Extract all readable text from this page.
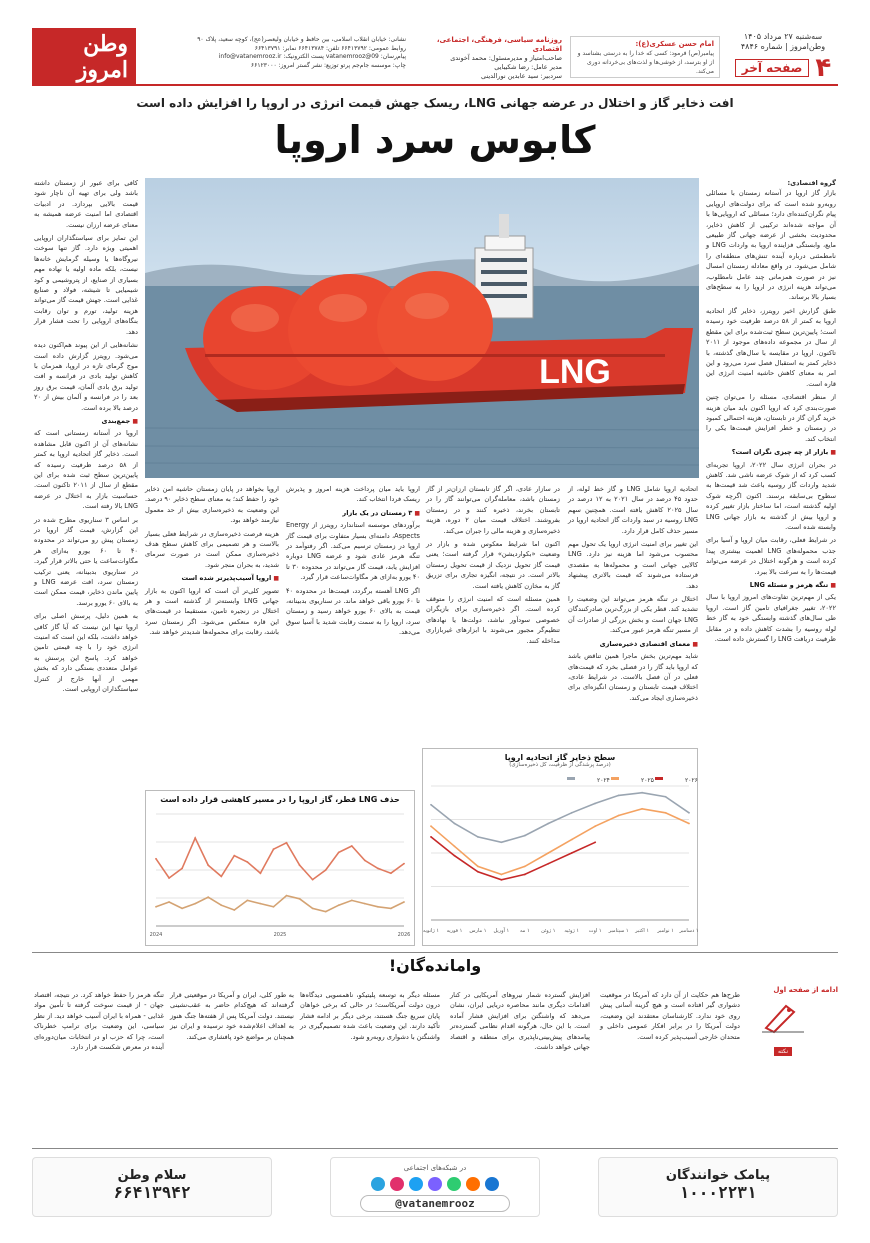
سه‌شنبه ۲۷ مرداد ۱۴۰۵
وطن‌امروز | شماره ۴۸۴۶
۴
صفحه آخر
امام حسن عسکری(ع):
پیامبر(ص) فرمود: کسی که خدا را به درستی بشناسد و از او بترسد، از خوشی‌ها و لذت‌های بی‌خردانه دوری می‌کند.
روزنامه سیاسی، فرهنگی، اجتماعی، اقتصادی
صاحب‌امتیاز و مدیرمسئول: محمد آخوندی
مدیر عامل: رضا شکیبایی
سردبیر: سید عابدین نورالدینی
نشانی: خیابان انقلاب اسلامی، بین حافظ و خیابان ولیعصر(عج)، کوچه سعید، پلاک ۹۰
روابط عمومی: ۶۶۴۱۳۷۹۲ تلفن: ۶۶۴۱۳۷۸۴ نمابر: ۶۶۴۱۳۷۹۱
پیام‌رسان: 09@vatanemrooz پست الکترونیک: info@vatanemrooz.ir
چاپ: موسسه جام‌جم پرتو توزیع: نشر گستر امروز: ۶۶۱۲۳۰۰۰
وطن امروز
افت ذخایر گاز و اختلال در عرضه جهانی LNG، ریسک جهش قیمت انرژی در اروپا را افزایش داده است
کابوس سرد اروپا
LNG
گروه اقتصادی:

بازار گاز اروپا در آستانه زمستان با مسائلی روبه‌رو شده است که برای دولت‌های اروپایی پیام نگران‌کننده‌ای دارد؛ مسائلی که اروپایی‌ها با آن مواجه شده‌اند ترکیبی از کاهش ذخایر، محدودیت بخشی از عرضه جهانی گاز طبیعی مایع، وابستگی فزاینده اروپا به واردات LNG و نامطمئنی درباره آینده تنش‌های منطقه‌ای را شامل می‌شود. در واقع معادله زمستان امسال نیز در صورت همزمانی چند عامل نامطلوب، می‌تواند هزینه انرژی در اروپا را به سطح‌های بسیار بالا برساند.

طبق گزارش اخیر رویترز، ذخایر گاز اتحادیه اروپا به کمتر از ۵۸ درصد ظرفیت خود رسیده است؛ پایین‌ترین سطح ثبت‌شده برای این مقطع از سال در مجموعه داده‌های موجود از ۲۰۱۱ تاکنون. اروپا در مقایسه با سال‌های گذشته، با ذخایر کمتر به استقبال فصل سرد می‌رود و این امر به معنای کاهش حاشیه امنیت انرژی این قاره است.

از منظر اقتصادی، مسئله را می‌توان چنین صورت‌بندی کرد که اروپا اکنون باید میان هزینه خرید گران گاز در تابستان، هزینه احتمالی کمبود در زمستان و خطر افزایش قیمت‌ها یکی را انتخاب کند.

■ بازار از چه چیزی نگران است؟

در بحران انرژی سال ۲۰۲۲، اروپا تجربه‌ای کسب کرد که از شوک عرضه ناشی شد. کاهش شدید واردات گاز روسیه باعث شد قیمت‌ها به سطوح بی‌سابقه برسند. اکنون اگرچه شوک اولیه گذشته است، اما ساختار بازار تغییر کرده و اروپا بیش از گذشته به بازار جهانی LNG وابسته شده است.

در شرایط فعلی، رقابت میان اروپا و آسیا برای جذب محموله‌های LNG اهمیت بیشتری پیدا کرده است و هرگونه اختلال در عرضه می‌تواند قیمت‌ها را به سرعت بالا ببرد.

■ تنگه هرمز و مسئله LNG

یکی از مهم‌ترین تفاوت‌های امروز اروپا با سال ۲۰۲۲، تغییر جغرافیای تامین گاز است. اروپا طی سال‌های گذشته وابستگی خود به گاز خط لوله روسیه را بشدت کاهش داده و در مقابل ظرفیت دریافت LNG را گسترش داده است.

کافی برای عبور از زمستان داشته باشد ولی برای تهیه آن ناچار شود قیمت بالایی بپردازد. در ادبیات اقتصادی اما امنیت عرضه همیشه به معنای عرضه ارزان نیست.

این تمایز برای سیاستگذاران اروپایی اهمیتی ویژه دارد. گاز تنها سوخت نیروگاه‌ها یا وسیله گرمایش خانه‌ها نیست، بلکه ماده اولیه یا نهاده مهم بسیاری از صنایع، از پتروشیمی و کود شیمیایی تا شیشه، فولاد و صنایع غذایی است. جهش قیمت گاز می‌تواند هزینه تولید، تورم و توان رقابت بنگاه‌های اروپایی را تحت فشار قرار دهد.

نشانه‌هایی از این پیوند هم‌اکنون دیده می‌شود. رویترز گزارش داده است موج گرمای تازه در اروپا، همزمان با کاهش تولید بادی در فرانسه و افت تولید برق بادی آلمان، قیمت برق روز بعد را در فرانسه و آلمان بیش از ۲۰ درصد بالا برده است.

■ جمع‌بندی

اروپا در آستانه زمستانی است که نشانه‌های آن از اکنون قابل مشاهده است. ذخایر گاز اتحادیه اروپا به کمتر از ۵۸ درصد ظرفیت رسیده که پایین‌ترین سطح ثبت شده برای این مقطع از سال از ۲۰۱۱ تاکنون است. حساسیت بازار به اختلال در عرضه LNG بالا رفته است.

بر اساس ۳ سناریوی مطرح شده در این گزارش، قیمت گاز اروپا در زمستان پیش رو می‌تواند در محدوده ۴۰ تا ۶۰ یورو به‌ازای هر مگاوات‌ساعت یا حتی بالاتر قرار گیرد. در سناریوی بدبینانه، یعنی ترکیب زمستان سرد، افت عرضه LNG و پایین ماندن ذخایر، قیمت ممکن است به بالای ۶۰ یورو برسد.

به همین دلیل، پرسش اصلی برای اروپا تنها این نیست که آیا گاز کافی خواهد داشت، بلکه این است که امنیت انرژی خود را با چه قیمتی تامین خواهد کرد. پاسخ این پرسش به عوامل متعددی بستگی دارد که بخش مهمی از آنها خارج از کنترل سیاستگذاران اروپایی است.

اتحادیه اروپا شامل LNG و گاز خط لوله، از حدود ۴۵ درصد در سال ۲۰۲۱ به ۱۲ درصد در سال ۲۰۲۵ کاهش یافته است. همچنین سهم LNG روسیه در سبد واردات گاز اتحادیه اروپا در مسیر حذف کامل قرار دارد.

این تغییر برای امنیت انرژی اروپا یک تحول مهم محسوب می‌شود اما هزینه نیز دارد. LNG کالایی جهانی است و محموله‌ها به مقصدی فرستاده می‌شوند که قیمت بالاتری پیشنهاد دهد.

اختلال در تنگه هرمز می‌تواند این وضعیت را تشدید کند. قطر یکی از بزرگ‌ترین صادرکنندگان LNG جهان است و بخش بزرگی از صادرات آن از مسیر تنگه هرمز عبور می‌کند.

■ معمای اقتصادی ذخیره‌سازی

شاید مهم‌ترین بخش ماجرا همین تناقض باشد که اروپا باید گاز را در فصلی بخرد که قیمت‌های فعلی در آن فصل بالاست. در شرایط عادی، اختلاف قیمت تابستان و زمستان انگیزه‌ای برای ذخیره‌سازی ایجاد می‌کند.

در سازار عادی، اگر گاز تابستان ارزان‌تر از گاز زمستان باشد، معامله‌گران می‌توانند گاز را در تابستان بخرند، ذخیره کنند و در زمستان بفروشند. اختلاف قیمت میان ۲ دوره، هزینه ذخیره‌سازی و هزینه مالی را جبران می‌کند.

اکنون اما شرایط معکوس شده و بازار در وضعیت «بکواردیشن» قرار گرفته است؛ یعنی قیمت گاز تحویل نزدیک از قیمت تحویل زمستان بالاتر است. در نتیجه، انگیزه تجاری برای تزریق گاز به مخازن کاهش یافته است.

همین مسئله است که امنیت انرژی را متوقف کرده است. اگر ذخیره‌سازی برای بازیگران خصوصی سودآور نباشد، دولت‌ها یا نهادهای تنظیم‌گر مجبور می‌شوند با ابزارهای غیربازاری مداخله کنند.

اروپا باید میان پرداخت هزینه امروز و پذیرش ریسک فردا انتخاب کند.

■ ۳ زمستان در یک بازار

برآوردهای موسسه استاندارد رویترز از Energy Aspects، دامنه‌ای بسیار متفاوت برای قیمت گاز اروپا در زمستان ترسیم می‌کند. اگر رفتوآمد در تنگه هرمز عادی شود و عرضه LNG دوباره افزایش یابد، قیمت گاز می‌تواند در محدوده ۳۰ تا ۴۰ یورو به‌ازای هر مگاوات‌ساعت قرار گیرد.

اگر LNG آهسته برگردد، قیمت‌ها در محدوده ۴۰ تا ۶۰ یورو باقی خواهد ماند. در سناریوی بدبینانه، قیمت به بالای ۶۰ یورو خواهد رسید و زمستان سرد، اروپا را به سمت رقابت شدید با آسیا سوق می‌دهد.

اروپا بخواهد در پایان زمستان حاشیه امن ذخایر خود را حفظ کند؛ به معنای سطح ذخایر ۹۰ درصد. این وضعیت به ذخیره‌سازی بیش از حد معمول نیازمند خواهد بود.

هزینه فرصت ذخیره‌سازی در شرایط فعلی بسیار بالاست و هر تصمیمی برای کاهش سطح هدف ذخیره‌سازی ممکن است در صورت سرمای شدید، به بحران منجر شود.

■ اروپا آسیب‌پذیرتر شده است

تصویر کلی‌تر آن است که اروپا اکنون به بازار جهانی LNG وابسته‌تر از گذشته است و هر اختلال در زنجیره تامین، مستقیما در قیمت‌های این قاره منعکس می‌شود. اگر زمستان سرد باشد، رقابت برای محموله‌ها شدیدتر خواهد شد.

سطح ذخایر گاز اتحادیه اروپا
(درصد پرشدگی از ظرفیت، کل ذخیره‌سازی)
۱ ژانویه ۱ فوریه ۱ مارس ۱ آوریل ۱ مه ۱ ژوئن ۱ ژوئیه ۱ اوت ۱ سپتامبر ۱ اکتبر ۱ نوامبر ۱ دسامبر
۲۰۲۶
۲۰۲۵
۲۰۲۴
حذف LNG قطر، گاز اروپا را در مسیر کاهشی قرار داده است
2024	2025	2026
وامانده‌گان!
ادامه از صفحه اول
نکته
طرح‌ها هم حکایت از آن دارد که آمریکا در موقعیت دشواری گیر افتاده است و هیچ گزینه آسانی پیش روی خود ندارد. کارشناسان معتقدند این وضعیت، دولت آمریکا را در برابر افکار عمومی داخلی و متحدان خارجی آسیب‌پذیر کرده است.
افزایش گسترده شمار نیروهای آمریکایی در کنار اقدامات دیگری مانند محاصره دریایی ایران، نشان می‌دهد که واشنگتن برای افزایش فشار آماده است. با این حال، هرگونه اقدام نظامی گسترده‌تر پیامدهای پیش‌بینی‌ناپذیری برای منطقه و اقتصاد جهانی خواهد داشت.
مسئله دیگر به توسعه پلیتیکو، ناهمسویی دیدگاه‌ها درون دولت آمریکاست؛ در حالی که برخی خواهان پایان سریع جنگ هستند، برخی دیگر بر ادامه فشار تأکید دارند. این وضعیت باعث شده تصمیم‌گیری در واشنگتن با دشواری روبه‌رو شود.
به طور کلی، ایران و آمریکا در موقعیتی قرار گرفته‌اند که هیچ‌کدام حاضر به عقب‌نشینی نیستند. دولت آمریکا پس از هفته‌ها جنگ هنوز به اهداف اعلام‌شده خود نرسیده و ایران نیز همچنان بر مواضع خود پافشاری می‌کند.
تنگه هرمز را حفظ خواهد کرد. در نتیجه، اقتصاد جهان - از قیمت سوخت گرفته تا تأمین مواد غذایی - همراه با ایران آسیب خواهد دید. از نظر سیاسی، این وضعیت برای ترامپ خطرناک است، چرا که حزب او در انتخابات میان‌دوره‌ای آینده در معرض شکست قرار دارد.
پیامک خوانندگان
۱۰۰۰۲۲۳۱
در شبکه‌های اجتماعی
@vatanemrooz
سلام وطن
۶۶۴۱۳۹۴۲
